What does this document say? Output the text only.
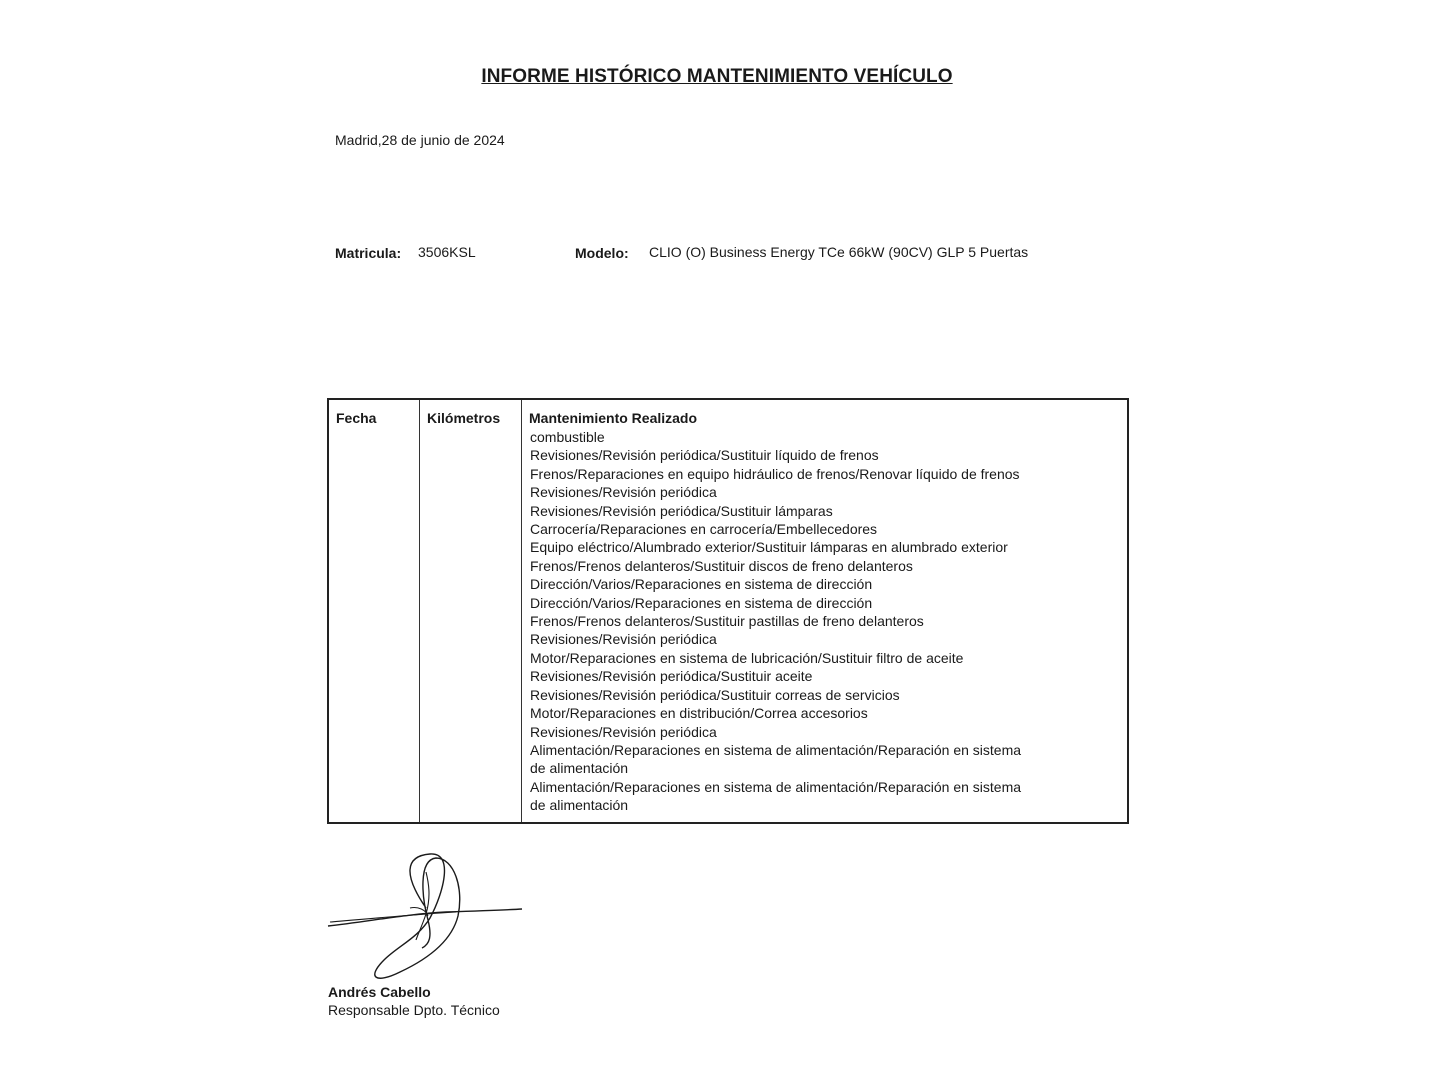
INFORME HISTÓRICO MANTENIMIENTO VEHÍCULO
Madrid,28 de junio de 2024
Matricula: 3506KSL	Modelo: CLIO (O) Business Energy TCe 66kW (90CV) GLP 5 Puertas
Fecha	Kilómetros Mantenimiento Realizado
combustible
Revisiones/Revisión periódica/Sustituir líquido de frenos
Frenos/Reparaciones en equipo hidráulico de frenos/Renovar líquido de frenos
Revisiones/Revisión periódica
Revisiones/Revisión periódica/Sustituir lámparas
Carrocería/Reparaciones en carrocería/Embellecedores
Equipo eléctrico/Alumbrado exterior/Sustituir lámparas en alumbrado exterior
Frenos/Frenos delanteros/Sustituir discos de freno delanteros
Dirección/Varios/Reparaciones en sistema de dirección
Dirección/Varios/Reparaciones en sistema de dirección
Frenos/Frenos delanteros/Sustituir pastillas de freno delanteros
Revisiones/Revisión periódica
Motor/Reparaciones en sistema de lubricación/Sustituir filtro de aceite
Revisiones/Revisión periódica/Sustituir aceite
Revisiones/Revisión periódica/Sustituir correas de servicios
Motor/Reparaciones en distribución/Correa accesorios
Revisiones/Revisión periódica
Alimentación/Reparaciones en sistema de alimentación/Reparación en sistema
de alimentación
Alimentación/Reparaciones en sistema de alimentación/Reparación en sistema
de alimentación
Andrés Cabello
Responsable Dpto. Técnico
